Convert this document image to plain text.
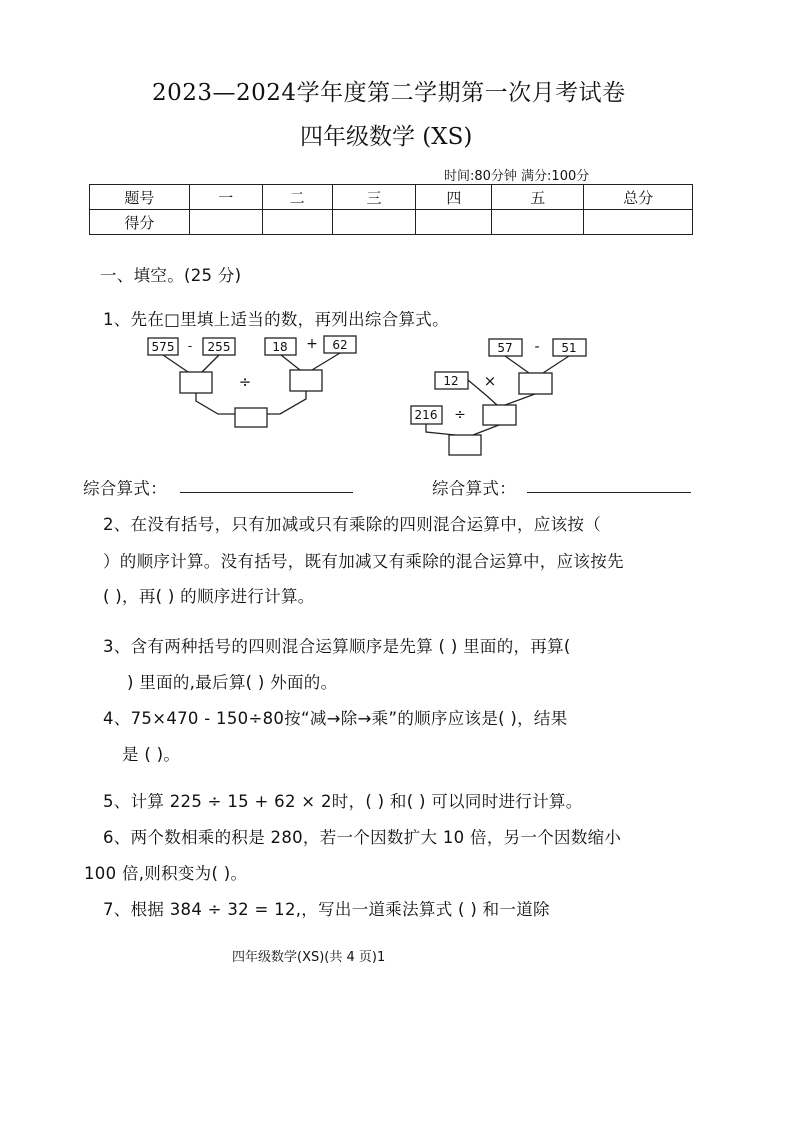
2023—2024学年度第二学期第一次月考试卷
四年级数学 (XS)
时间:80分钟 满分:100分
题号	一	二	三	四	五	总分
得分						
一、填空。(25 分)
1、先在□里填上适当的数，再列出综合算式。
575 - 255	18 + 62
÷
57 - 51
12 ×
216 ÷
综合算式：	综合算式：
2、在没有括号，只有加减或只有乘除的四则混合运算中，应该按（
）的顺序计算。没有括号，既有加减又有乘除的混合运算中，应该按先
( )，再( ) 的顺序进行计算。
3、含有两种括号的四则混合运算顺序是先算 ( ) 里面的，再算(
) 里面的,最后算( ) 外面的。
4、75×470 - 150÷80按“减→除→乘”的顺序应该是( )，结果
是 ( )。
5、计算 225 ÷ 15 + 62 × 2时，( ) 和( ) 可以同时进行计算。
6、两个数相乘的积是 280，若一个因数扩大 10 倍，另一个因数缩小
100 倍,则积变为( )。
7、根据 384 ÷ 32 = 12,，写出一道乘法算式 ( ) 和一道除
四年级数学(XS)(共 4 页)1
